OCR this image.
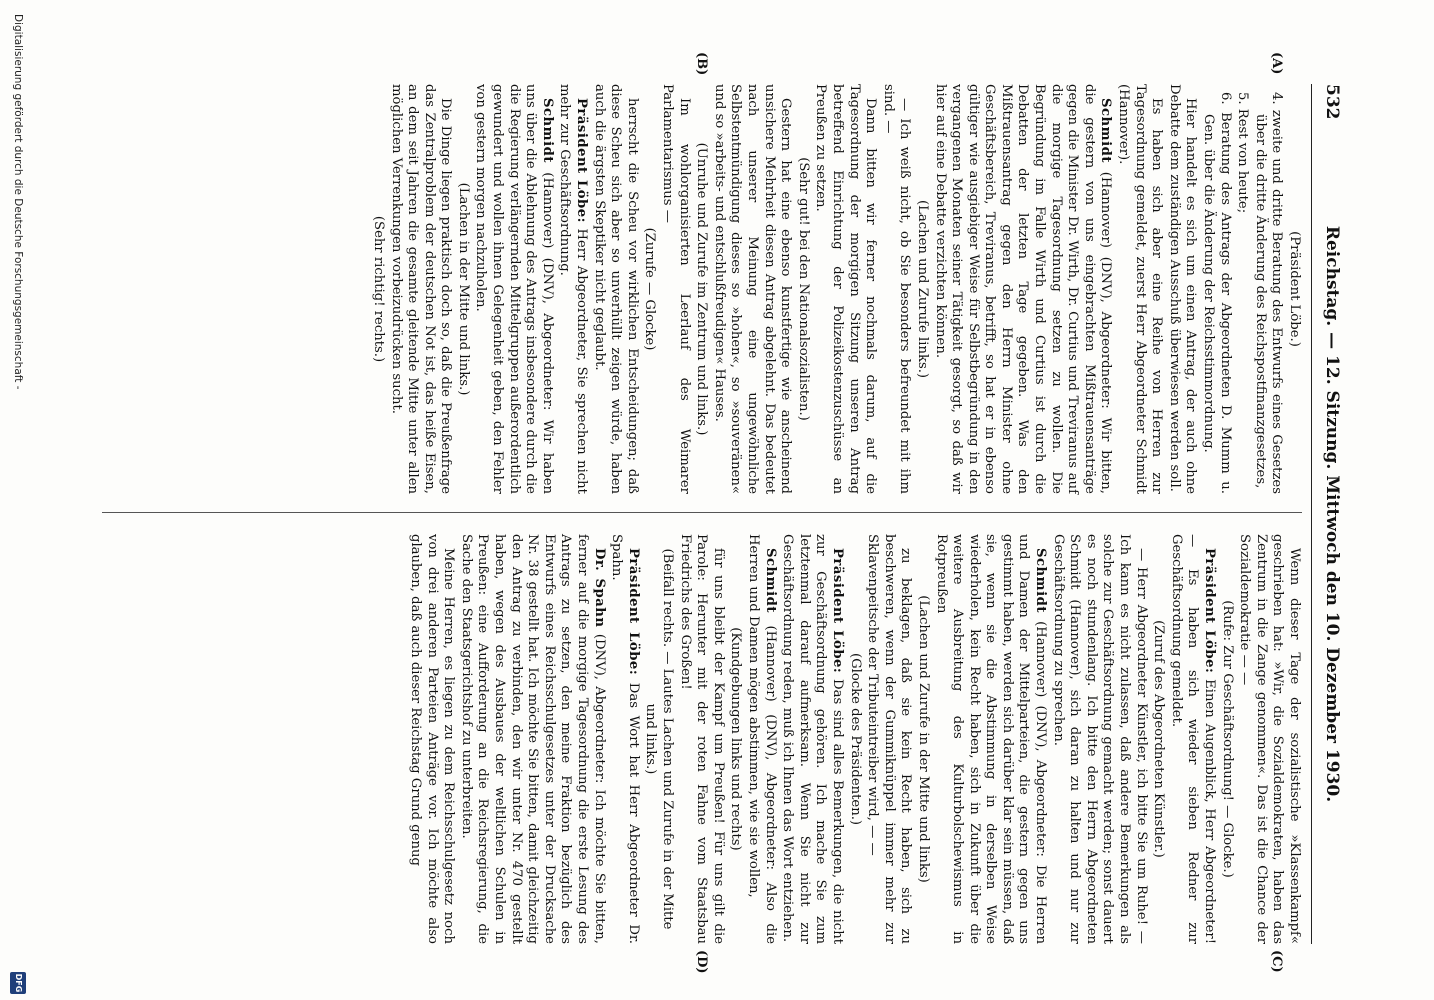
532
Reichstag. — 12. Sitzung. Mittwoch den 10. Dezember 1930.
(A)
(B)
(C)
(D)

(Präsident Löbe.)

4. zweite und dritte Beratung des Entwurfs eines Gesetzes über die dritte Änderung des Reichspostfinanzgesetzes,

5. Rest von heute;

6. Beratung des Antrags der Abgeordneten D. Mumm u. Gen. über die Änderung der Reichsstimmordnung.

Hier handelt es sich um einen Antrag, der auch ohne Debatte dem zuständigen Ausschuß überwiesen werden soll.

Es haben sich aber eine Reihe von Herren zur Tagesordnung gemeldet, zuerst Herr Abgeordneter Schmidt (Hannover).

Schmidt (Hannover) (DNV), Abgeordneter: Wir bitten, die gestern von uns eingebrachten Mißtrauensanträge gegen die Minister Dr. Wirth, Dr. Curtius und Treviranus auf die morgige Tagesordnung setzen zu wollen. Die Begründung im Falle Wirth und Curtius ist durch die Debatten der letzten Tage gegeben. Was den Mißtrauensantrag gegen den Herrn Minister ohne Geschäftsbereich, Treviranus, betrifft, so hat er in ebenso gültiger wie ausgiebiger Weise für Selbstbegründung in den vergangenen Monaten seiner Tätigkeit gesorgt, so daß wir hier auf eine Debatte verzichten können.

(Lachen und Zurufe links.)

— Ich weiß nicht, ob Sie besonders befreundet mit ihm sind. —

Dann bitten wir ferner nochmals darum, auf die Tagesordnung der morgigen Sitzung unseren Antrag betreffend Einrichtung der Polizeikostenzuschüsse an Preußen zu setzen.

(Sehr gut! bei den Nationalsozialisten.)

Gestern hat eine ebenso kunstfertige wie anscheinend unsichere Mehrheit diesen Antrag abgelehnt. Das bedeutet nach unserer Meinung eine ungewöhnliche Selbstentmündigung dieses so »hohen«, so »souveränen« und so »arbeits- und entschlußfreudigen« Hauses.

(Unruhe und Zurufe im Zentrum und links.)

Im wohlorganisierten Leerlauf des Weimarer Parlamentarismus —

(Zurufe — Glocke)

herrscht die Scheu vor wirklichen Entscheidungen; daß diese Scheu sich aber so unverhüllt zeigen würde, haben auch die ärgsten Skeptiker nicht geglaubt.

Präsident Löbe: Herr Abgeordneter, Sie sprechen nicht mehr zur Geschäftsordnung.

Schmidt (Hannover) (DNV), Abgeordneter: Wir haben uns über die Ablehnung des Antrags insbesondere durch die die Regierung verlängernden Mittelgruppen außerordentlich gewundert und wollen ihnen Gelegenheit geben, den Fehler von gestern morgen nachzuholen.

(Lachen in der Mitte und links.)

Die Dinge liegen praktisch doch so, daß die Preußenfrage das Zentralproblem der deutschen Not ist, das heiße Eisen, an dem seit Jahren die gesamte gleitende Mitte unter allen möglichen Verrenkungen vorbeizudrücken sucht.

(Sehr richtig! rechts.)

Wenn dieser Tage der sozialistische »Klassenkampf« geschrieben hat: »Wir, die Sozialdemokraten, haben das Zentrum in die Zange genommen«. Das ist die Chance der Sozialdemokratie — —

(Rufe: Zur Geschäftsordnung! — Glocke.)

Präsident Löbe: Einen Augenblick, Herr Abgeordneter! — Es haben sich wieder sieben Redner zur Geschäftsordnung gemeldet.

(Zuruf des Abgeordneten Künstler.)

— Herr Abgeordneter Künstler, ich bitte Sie um Ruhe! — Ich kann es nicht zulassen, daß andere Bemerkungen als solche zur Geschäftsordnung gemacht werden; sonst dauert es noch stundenlang. Ich bitte den Herrn Abgeordneten Schmidt (Hannover), sich daran zu halten und nur zur Geschäftsordnung zu sprechen.

Schmidt (Hannover) (DNV), Abgeordneter: Die Herren und Damen der Mittelparteien, die gestern gegen uns gestimmt haben, werden sich darüber klar sein müssen, daß sie, wenn sie die Abstimmung in derselben Weise wiederholen, kein Recht haben, sich in Zukunft über die weitere Ausbreitung des Kulturbolschewismus in Rotpreußen

(Lachen und Zurufe in der Mitte und links)

zu beklagen, daß sie kein Recht haben, sich zu beschweren, wenn der Gummiknüppel immer mehr zur Sklavenpeitsche der Tributeintreiber wird, — —

(Glocke des Präsidenten.)

Präsident Löbe: Das sind alles Bemerkungen, die nicht zur Geschäftsordnung gehören. Ich mache Sie zum letztenmal darauf aufmerksam. Wenn Sie nicht zur Geschäftsordnung reden, muß ich Ihnen das Wort entziehen.

Schmidt (Hannover) (DNV), Abgeordneter: Also die Herren und Damen mögen abstimmen, wie sie wollen,

(Kundgebungen links und rechts)

für uns bleibt der Kampf um Preußen! Für uns gilt die Parole: Herunter mit der roten Fahne vom Staatsbau Friedrichs des Großen!

(Beifall rechts. — Lautes Lachen und Zurufe in der Mitte und links.)

Präsident Löbe: Das Wort hat Herr Abgeordneter Dr. Spahn.

Dr. Spahn (DNV), Abgeordneter: Ich möchte Sie bitten, ferner auf die morgige Tagesordnung die erste Lesung des Antrags zu setzen, den meine Fraktion bezüglich des Entwurfs eines Reichsschulgesetzes unter der Drucksache Nr. 38 gestellt hat. Ich möchte Sie bitten, damit gleichzeitig den Antrag zu verbinden, den wir unter Nr. 470 gestellt haben, wegen des Ausbaues der weltlichen Schulen in Preußen: eine Aufforderung an die Reichsregierung, die Sache den Staatsgerichtshof zu unterbreiten.

Meine Herren, es liegen zu dem Reichsschulgesetz noch von drei anderen Parteien Anträge vor. Ich möchte also glauben, daß auch dieser Reichstag Grund genug

Digitalisierung gefördert durch die Deutsche Forschungsgemeinschaft -
DFG
